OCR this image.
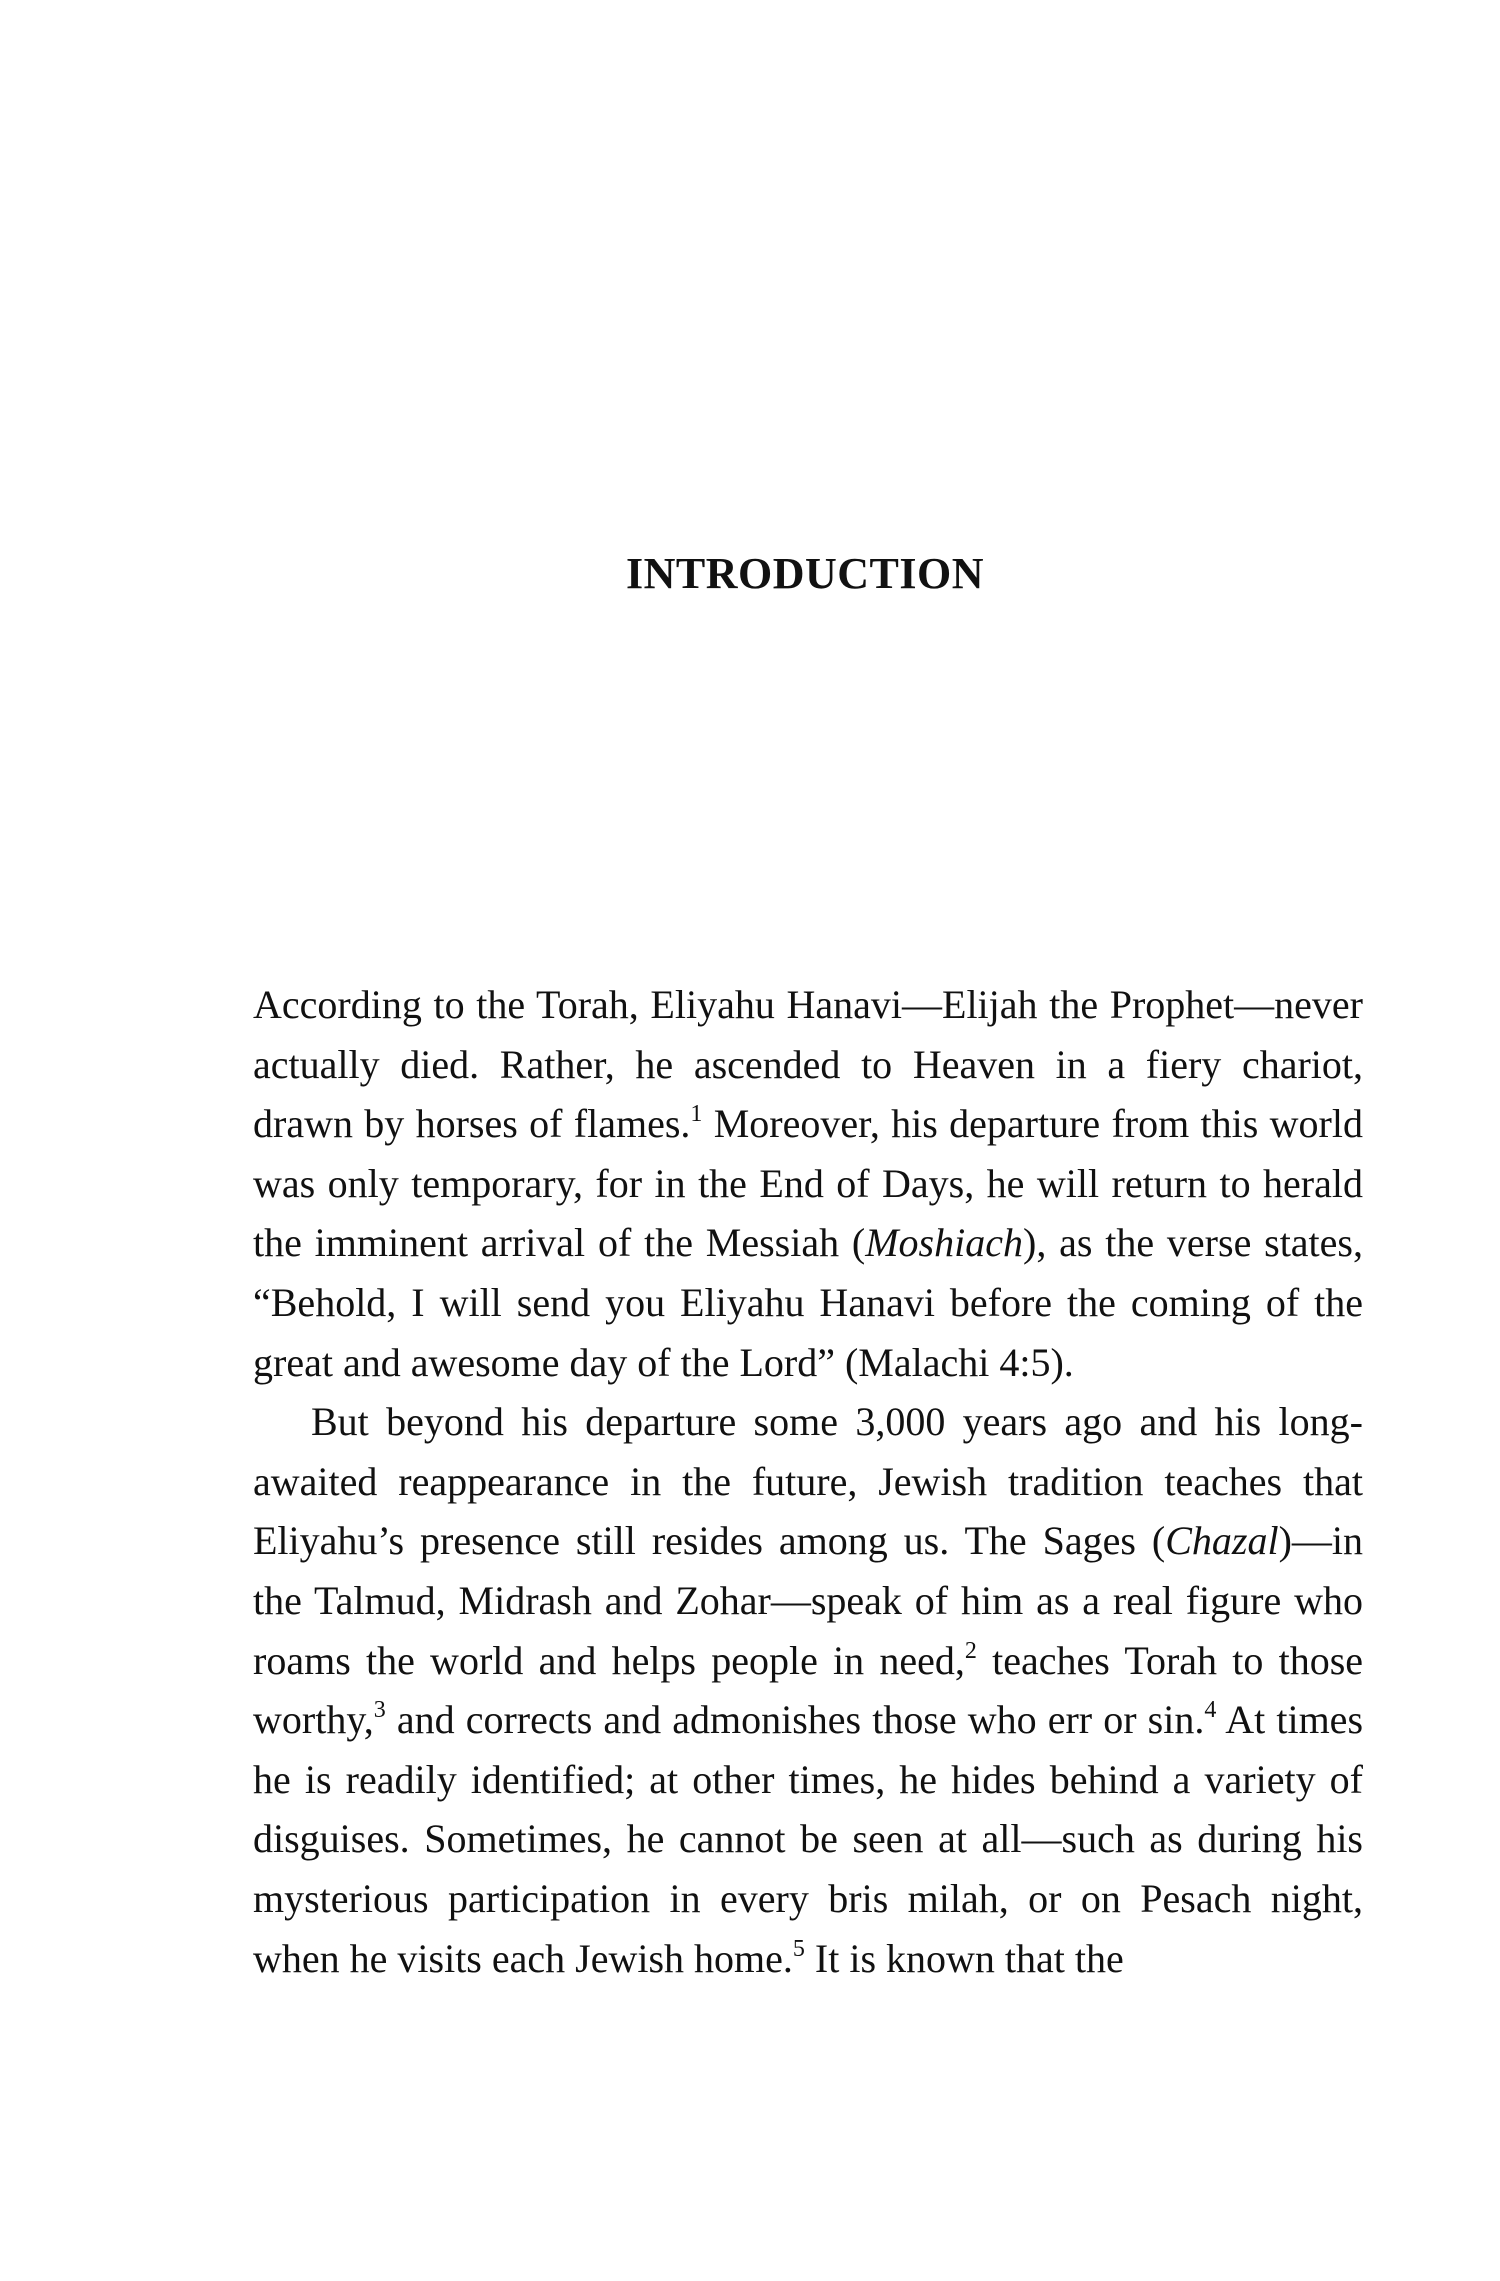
INTRODUCTION

According to the Torah, Eliyahu Hanavi—Elijah the Prophet—never actually died. Rather, he ascended to Heaven in a fiery chariot, drawn by horses of flames.$^1$ Moreover, his departure from this world was only temporary, for in the End of Days, he will return to herald the imminent arrival of the Messiah (Moshiach), as the verse states, “Behold, I will send you Eliyahu Hanavi before the coming of the great and awesome day of the Lord” (Malachi 4:5).

But beyond his departure some 3,000 years ago and his long-awaited reappearance in the future, Jewish tradition teaches that Eliyahu’s presence still resides among us. The Sages (Chazal)—in the Talmud, Midrash and Zohar—speak of him as a real figure who roams the world and helps people in need,$^2$ teaches Torah to those worthy,$^3$ and corrects and admonishes those who err or sin.$^4$ At times he is readily identified; at other times, he hides behind a variety of disguises. Sometimes, he cannot be seen at all—such as during his mysterious participation in every bris milah, or on Pesach night, when he visits each Jewish home.$^5$ It is known that the
